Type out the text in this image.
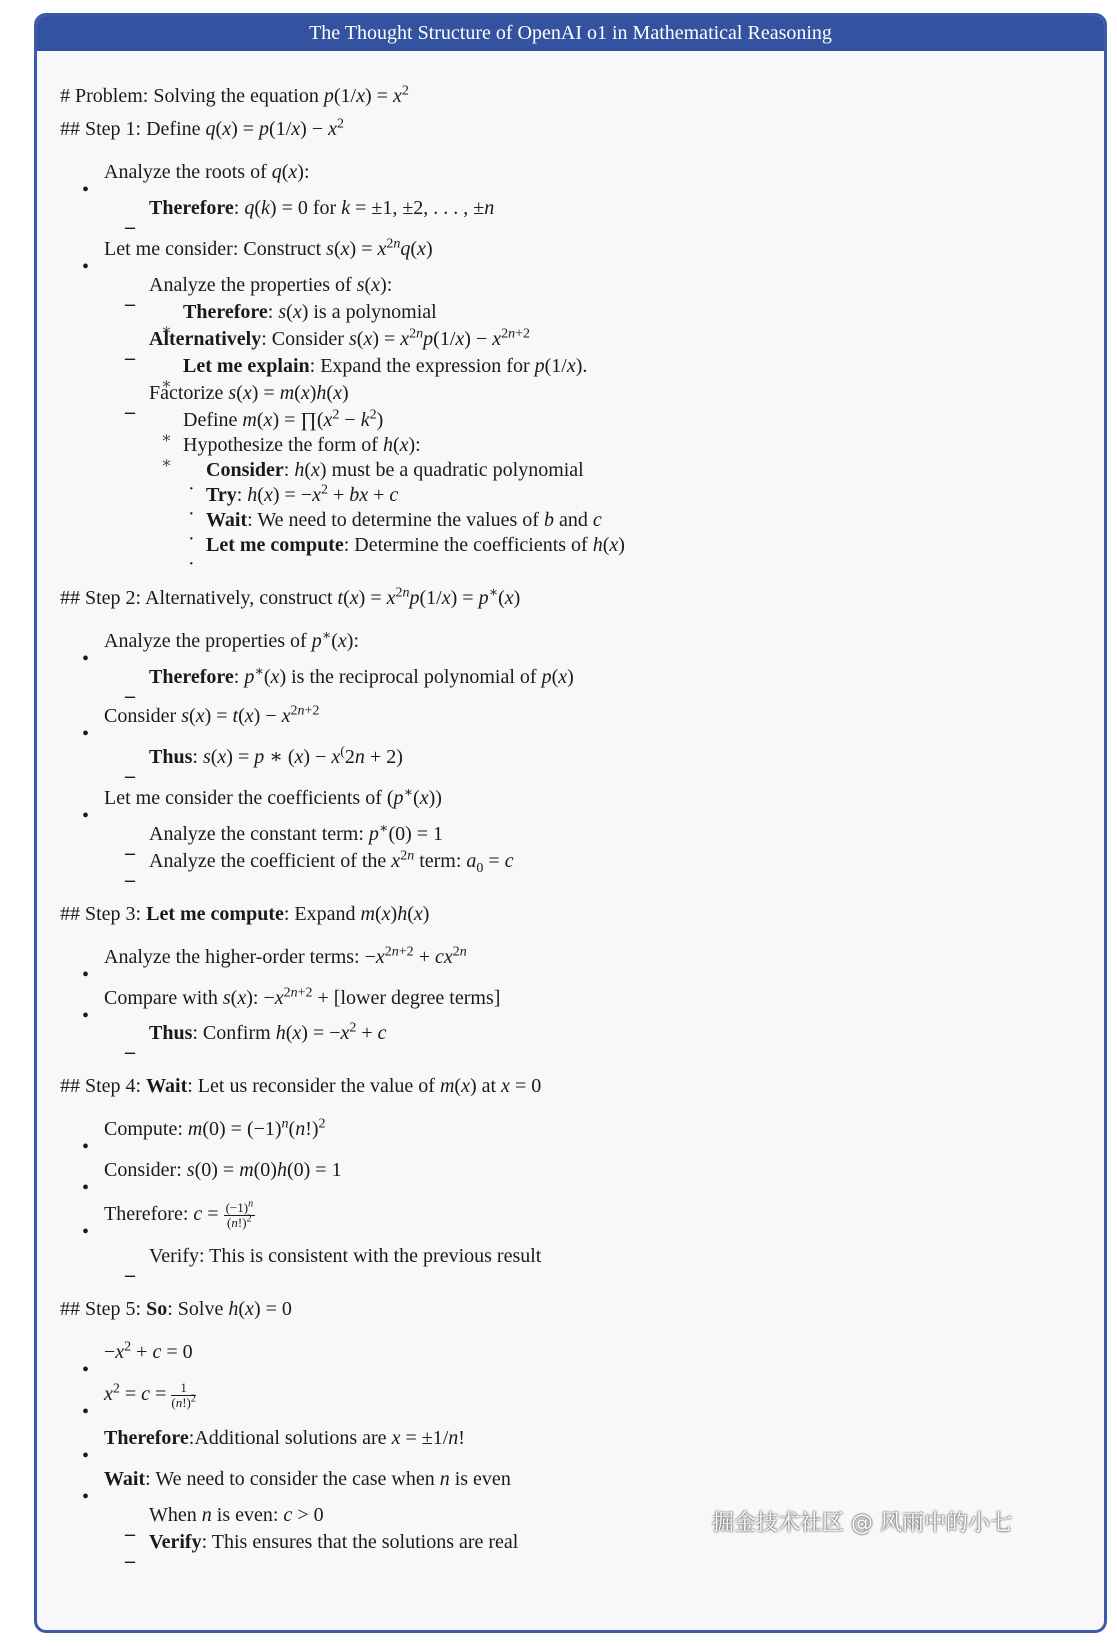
The Thought Structure of OpenAI o1 in Mathematical Reasoning
# Problem: Solving the equation $p(1/x) = x^2$
## Step 1: Define $q(x) = p(1/x) - x^2$
Analyze the roots of q(x):
Therefore: q(k) = 0 for k = ±1, ±2, . . . , ±n
Let me consider: Construct $s(x) = x^{2n}q(x)$
Analyze the properties of s(x):
Therefore: s(x) is a polynomial
Alternatively: Consider $s(x) = x^{2n}p(1/x) - x^{2n+2}$
Let me explain: Expand the expression for p(1/x).
Factorize s(x) = m(x)h(x)
Define $m(x) = \prod(x^2 - k^2)$
Hypothesize the form of h(x):
Consider: h(x) must be a quadratic polynomial
Try: $h(x) = -x^2$ + bx + c
Wait: We need to determine the values of b and c
Let me compute: Determine the coefficients of h(x)
## Step 2: Alternatively, construct $t(x) = x^{2n}p(1/x) = p^∗(x)$
Analyze the properties of p∗(x):
Therefore: p∗(x) is the reciprocal polynomial of p(x)
Consider $s(x) = t(x) - x^{2n+2}$
Thus: s(x) = p ∗ (x) − x(2n + 2)
Let me consider the coefficients of (p∗(x))
Analyze the constant term: p∗(0) = 1
Analyze the coefficient of the $x^{2n}$ term: $a_0 = c$
## Step 3: Let me compute: Expand m(x)h(x)
Analyze the higher-order terms: $-x^{2n+2} + cx^{2n}$
Compare with s(x): $-x^{2n+2}$ + [lower degree terms]
Thus: Confirm $h(x) = -x^2 + c$
## Step 4: Wait: Let us reconsider the value of m(x) at x = 0
Compute: $m(0) = (-1)^n(n!)^2$
Consider: s(0) = m(0)h(0) = 1
Therefore: $c = \frac{(-1)^n}{(n!)^2}$
Verify: This is consistent with the previous result
## Step 5: So: Solve h(x) = 0
$-x^2 + c = 0$
$x^2 = c = \frac{1}{(n!)^2}$
Therefore:Additional solutions are x = ±1/n!
Wait: We need to consider the case when n is even
When n is even: c > 0
Verify: This ensures that the solutions are real
掘金技术社区 @ 风雨中的小七
